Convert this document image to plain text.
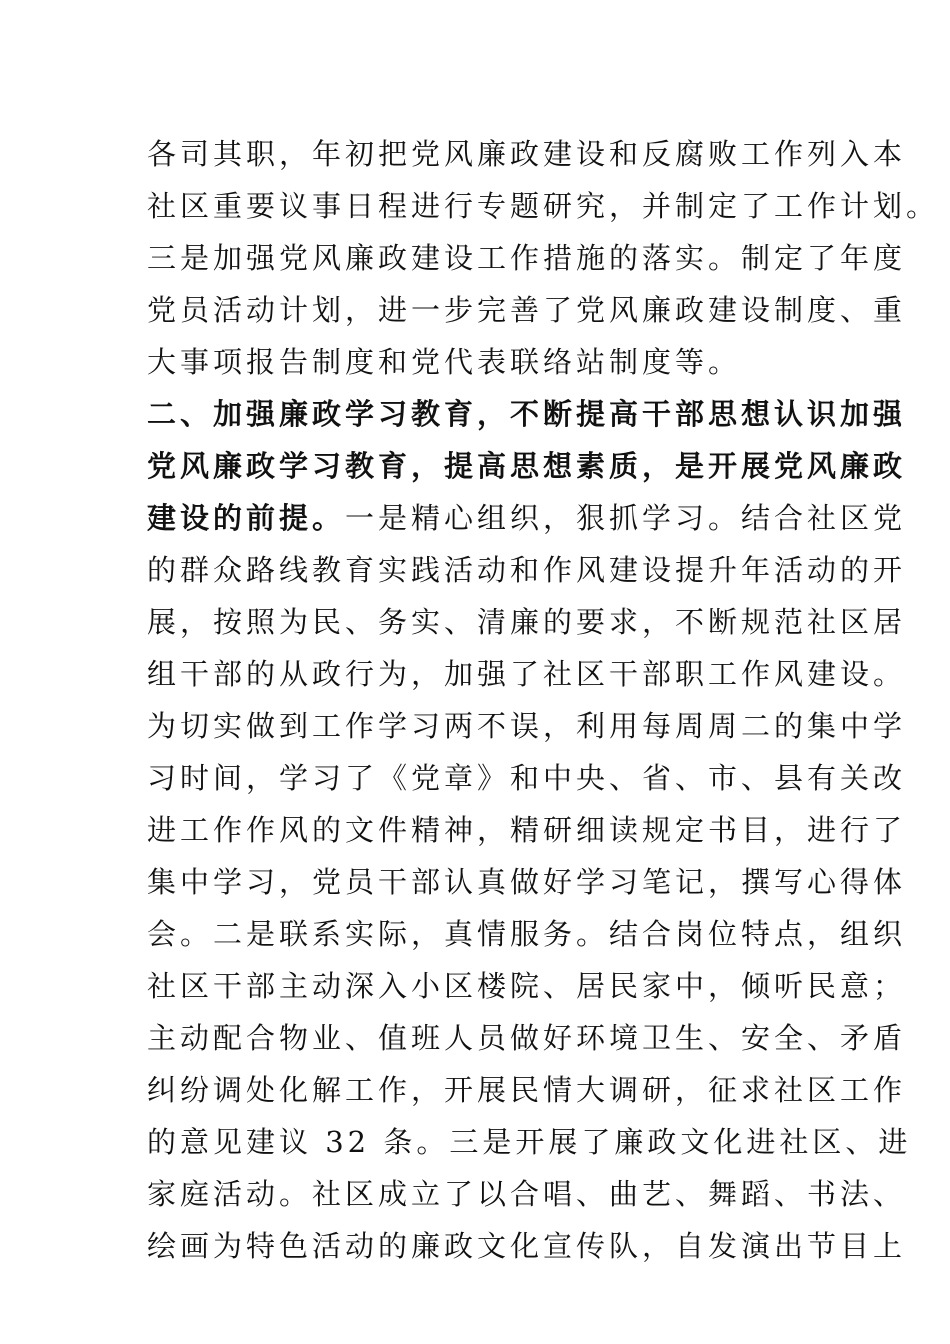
各司其职，年初把党风廉政建设和反腐败工作列入本
社区重要议事日程进行专题研究，并制定了工作计划。
三是加强党风廉政建设工作措施的落实。制定了年度
党员活动计划，进一步完善了党风廉政建设制度、重
大事项报告制度和党代表联络站制度等。
二、加强廉政学习教育，不断提高干部思想认识加强
党风廉政学习教育，提高思想素质，是开展党风廉政
建设的前提。一是精心组织，狠抓学习。结合社区党
的群众路线教育实践活动和作风建设提升年活动的开
展，按照为民、务实、清廉的要求，不断规范社区居
组干部的从政行为，加强了社区干部职工作风建设。
为切实做到工作学习两不误，利用每周周二的集中学
习时间，学习了《党章》和中央、省、市、县有关改
进工作作风的文件精神，精研细读规定书目，进行了
集中学习，党员干部认真做好学习笔记，撰写心得体
会。二是联系实际，真情服务。结合岗位特点，组织
社区干部主动深入小区楼院、居民家中，倾听民意；
主动配合物业、值班人员做好环境卫生、安全、矛盾
纠纷调处化解工作，开展民情大调研，征求社区工作
的意见建议 32 条。三是开展了廉政文化进社区、进
家庭活动。社区成立了以合唱、曲艺、舞蹈、书法、
绘画为特色活动的廉政文化宣传队，自发演出节目上
